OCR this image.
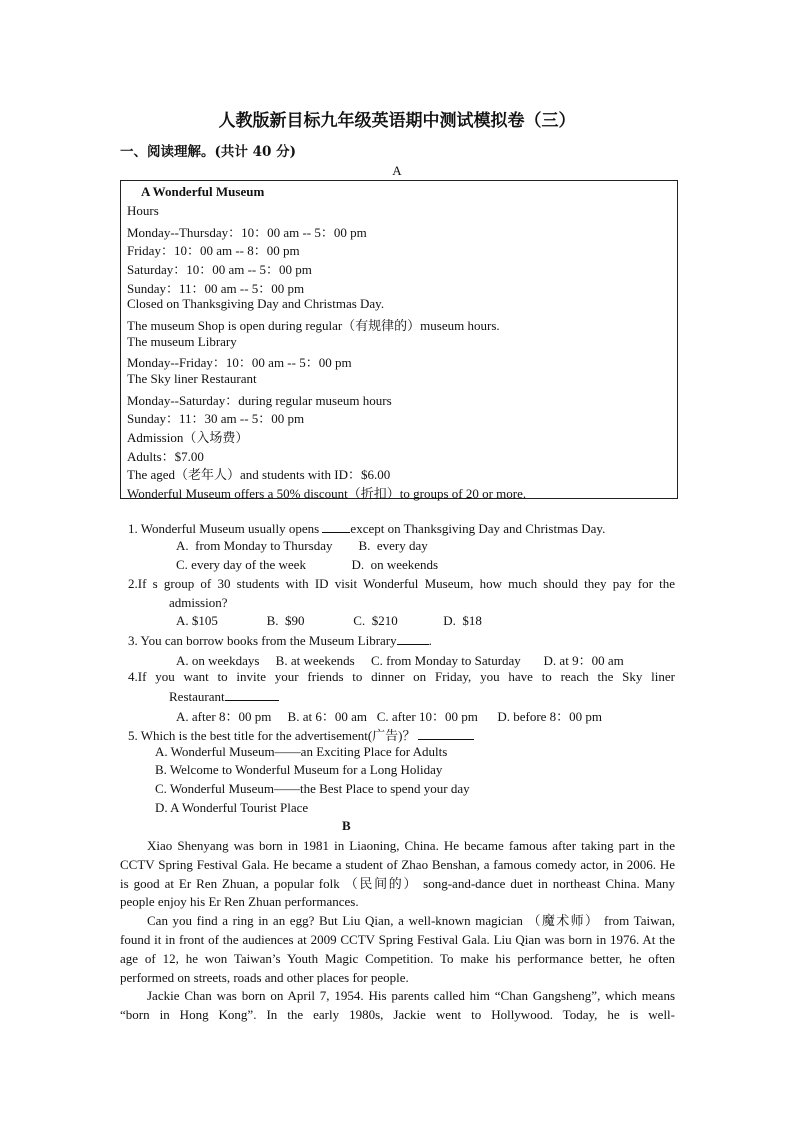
人教版新目标九年级英语期中测试模拟卷（三）
一、阅读理解。(共计 40 分)
A
A Wonderful Museum
Hours
Monday--Thursday：10：00 am -- 5：00 pm
Friday：10：00 am -- 8：00 pm
Saturday：10：00 am -- 5：00 pm
Sunday：11：00 am -- 5：00 pm
Closed on Thanksgiving Day and Christmas Day.
The museum Shop is open during regular（有规律的）museum hours.
The museum Library
Monday--Friday：10：00 am -- 5：00 pm
The Sky liner Restaurant
Monday--Saturday：during regular museum hours
Sunday：11：30 am -- 5：00 pm
Admission（入场费）
Adults：$7.00
The aged（老年人）and students with ID：$6.00
Wonderful Museum offers a 50% discount（折扣）to groups of 20 or more.
1. Wonderful Museum usually opens except on Thanksgiving Day and Christmas Day.
A.  from Monday to Thursday        B.  every day
C. every day of the week              D.  on weekends
2.If s group of 30 students with ID visit Wonderful Museum, how much should they pay for the
admission?
A. $105               B.  $90               C.  $210              D.  $18
3. You can borrow books from the Museum Library .
A. on weekdays     B. at weekends     C. from Monday to Saturday       D. at 9：00 am
4.If  you  want  to  invite  your  friends  to  dinner  on  Friday,  you  have  to  reach  the  Sky  liner
Restaurant
A. after 8：00 pm     B. at 6：00 am   C. after 10：00 pm      D. before 8：00 pm
5. Which is the best title for the advertisement(广告)？
A. Wonderful Museum——an Exciting Place for Adults
B. Welcome to Wonderful Museum for a Long Holiday
C. Wonderful Museum——the Best Place to spend your day
D. A Wonderful Tourist Place
B

Xiao Shenyang was born in 1981 in Liaoning, China. He became famous after taking part in the CCTV Spring Festival Gala. He became a student of Zhao Benshan, a famous comedy actor, in 2006. He is good at Er Ren Zhuan, a popular folk （民间的） song-and-dance duet in northeast China. Many people enjoy his Er Ren Zhuan performances.

Can you find a ring in an egg? But Liu Qian, a well-known magician （魔术师） from Taiwan, found it in front of the audiences at 2009 CCTV Spring Festival Gala. Liu Qian was born in 1976. At the age of 12, he won Taiwan’s Youth Magic Competition. To make his performance better, he often performed on streets, roads and other places for people.

Jackie Chan was born on April 7, 1954. His parents called him “Chan Gangsheng”, which means “born in Hong Kong”. In the early 1980s, Jackie went to Hollywood. Today, he is well-
